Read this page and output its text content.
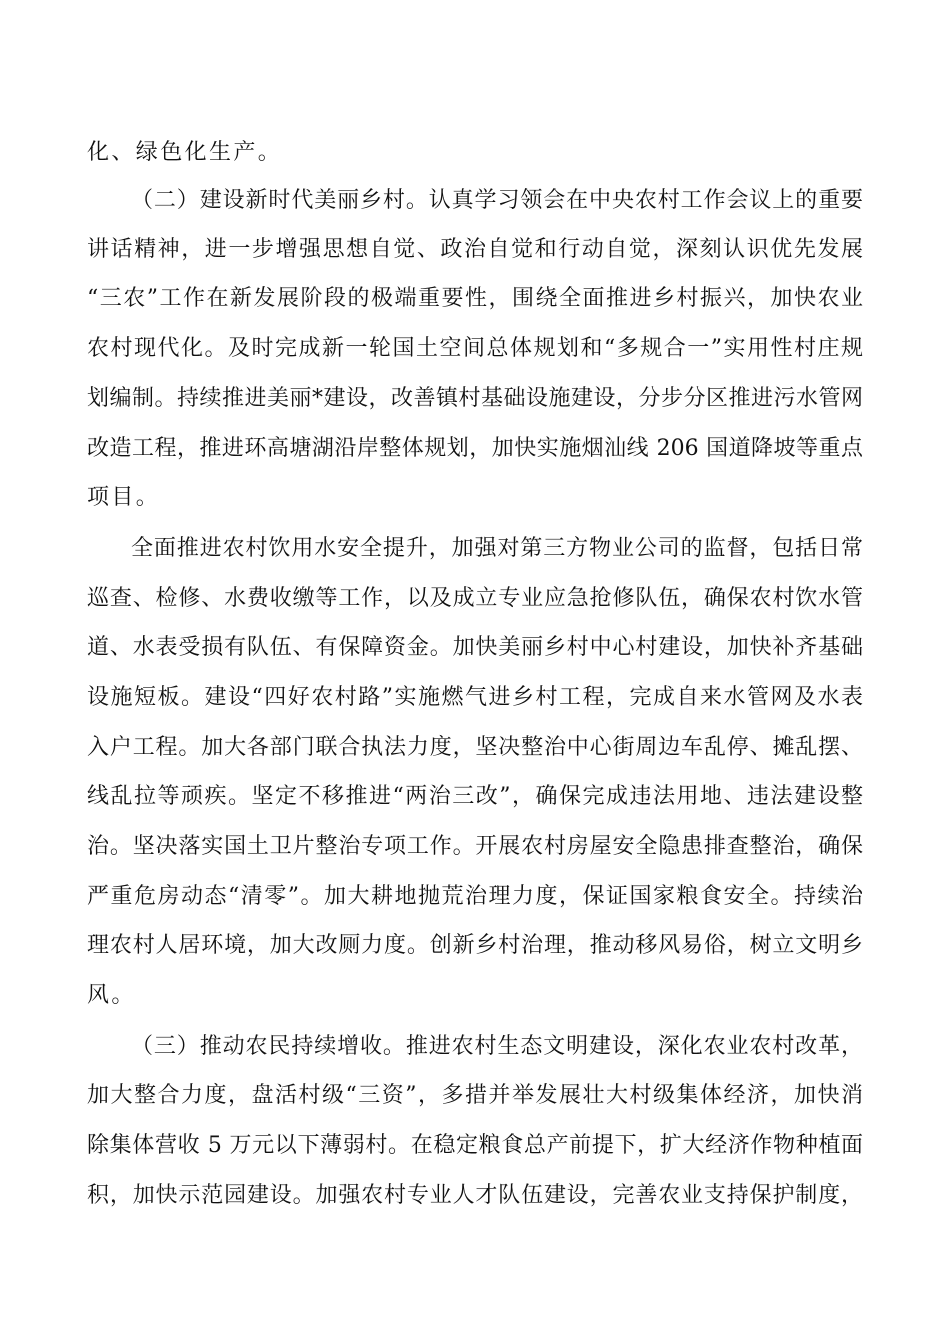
化、绿色化生产。
（二）建设新时代美丽乡村。认真学习领会在中央农村工作会议上的重要
讲话精神，进一步增强思想自觉、政治自觉和行动自觉，深刻认识优先发展
“三农”工作在新发展阶段的极端重要性，围绕全面推进乡村振兴，加快农业
农村现代化。及时完成新一轮国土空间总体规划和“多规合一”实用性村庄规
划编制。持续推进美丽*建设，改善镇村基础设施建设，分步分区推进污水管网
改造工程，推进环高塘湖沿岸整体规划，加快实施烟汕线 206 国道降坡等重点
项目。
全面推进农村饮用水安全提升，加强对第三方物业公司的监督，包括日常
巡查、检修、水费收缴等工作，以及成立专业应急抢修队伍，确保农村饮水管
道、水表受损有队伍、有保障资金。加快美丽乡村中心村建设，加快补齐基础
设施短板。建设“四好农村路”实施燃气进乡村工程，完成自来水管网及水表
入户工程。加大各部门联合执法力度，坚决整治中心街周边车乱停、摊乱摆、
线乱拉等顽疾。坚定不移推进“两治三改”，确保完成违法用地、违法建设整
治。坚决落实国土卫片整治专项工作。开展农村房屋安全隐患排查整治，确保
严重危房动态“清零”。加大耕地抛荒治理力度，保证国家粮食安全。持续治
理农村人居环境，加大改厕力度。创新乡村治理，推动移风易俗，树立文明乡
风。
（三）推动农民持续增收。推进农村生态文明建设，深化农业农村改革，
加大整合力度，盘活村级“三资”，多措并举发展壮大村级集体经济，加快消
除集体营收 5 万元以下薄弱村。在稳定粮食总产前提下，扩大经济作物种植面
积，加快示范园建设。加强农村专业人才队伍建设，完善农业支持保护制度，
